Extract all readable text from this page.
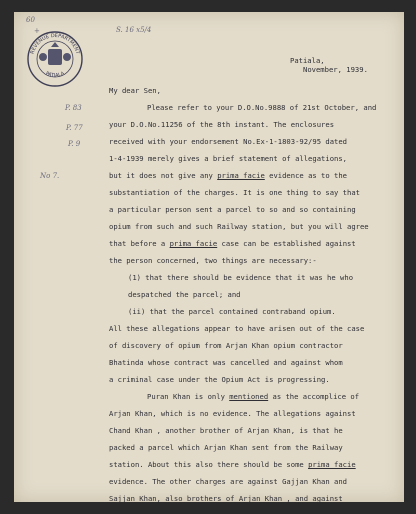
60
+	S. 16 x5/4
P. 83
P. 77
P. 9
No 7.
REVENUE DEPARTMENT
PATIALA
Patiala,
November, 1939.
My dear Sen,
Please refer to your D.O.No.9888 of 21st October, and
your D.O.No.11256 of the 8th instant. The enclosures
received with your endorsement No.Ex-1-1803-92/95 dated
1-4-1939 merely gives a brief statement of allegations,
but it does not give any prima facie evidence as to the
substantiation of the charges. It is one thing to say that
a particular person sent a parcel to so and so containing
opium from such and such Railway station, but you will agree
that before a prima facie case can be established against
the person concerned, two things are necessary:-
(1) that there should be evidence that it was he who
despatched the parcel; and
(ii) that the parcel contained contraband opium.
All these allegations appear to have arisen out of the case
of discovery of opium from Arjan Khan opium contractor
Bhatinda whose contract was cancelled and against whom
a criminal case under the Opium Act is progressing.
Puran Khan is only mentioned as the accomplice of
Arjan Khan, which is no evidence. The allegations against
Chand Khan , another brother of Arjan Khan, is that he
packed a parcel which Arjan Khan sent from the Railway
station. About this also there should be some prima facie
evidence. The other charges are against Gajjan Khan and
Sajjan Khan, also brothers of Arjan Khan , and against
